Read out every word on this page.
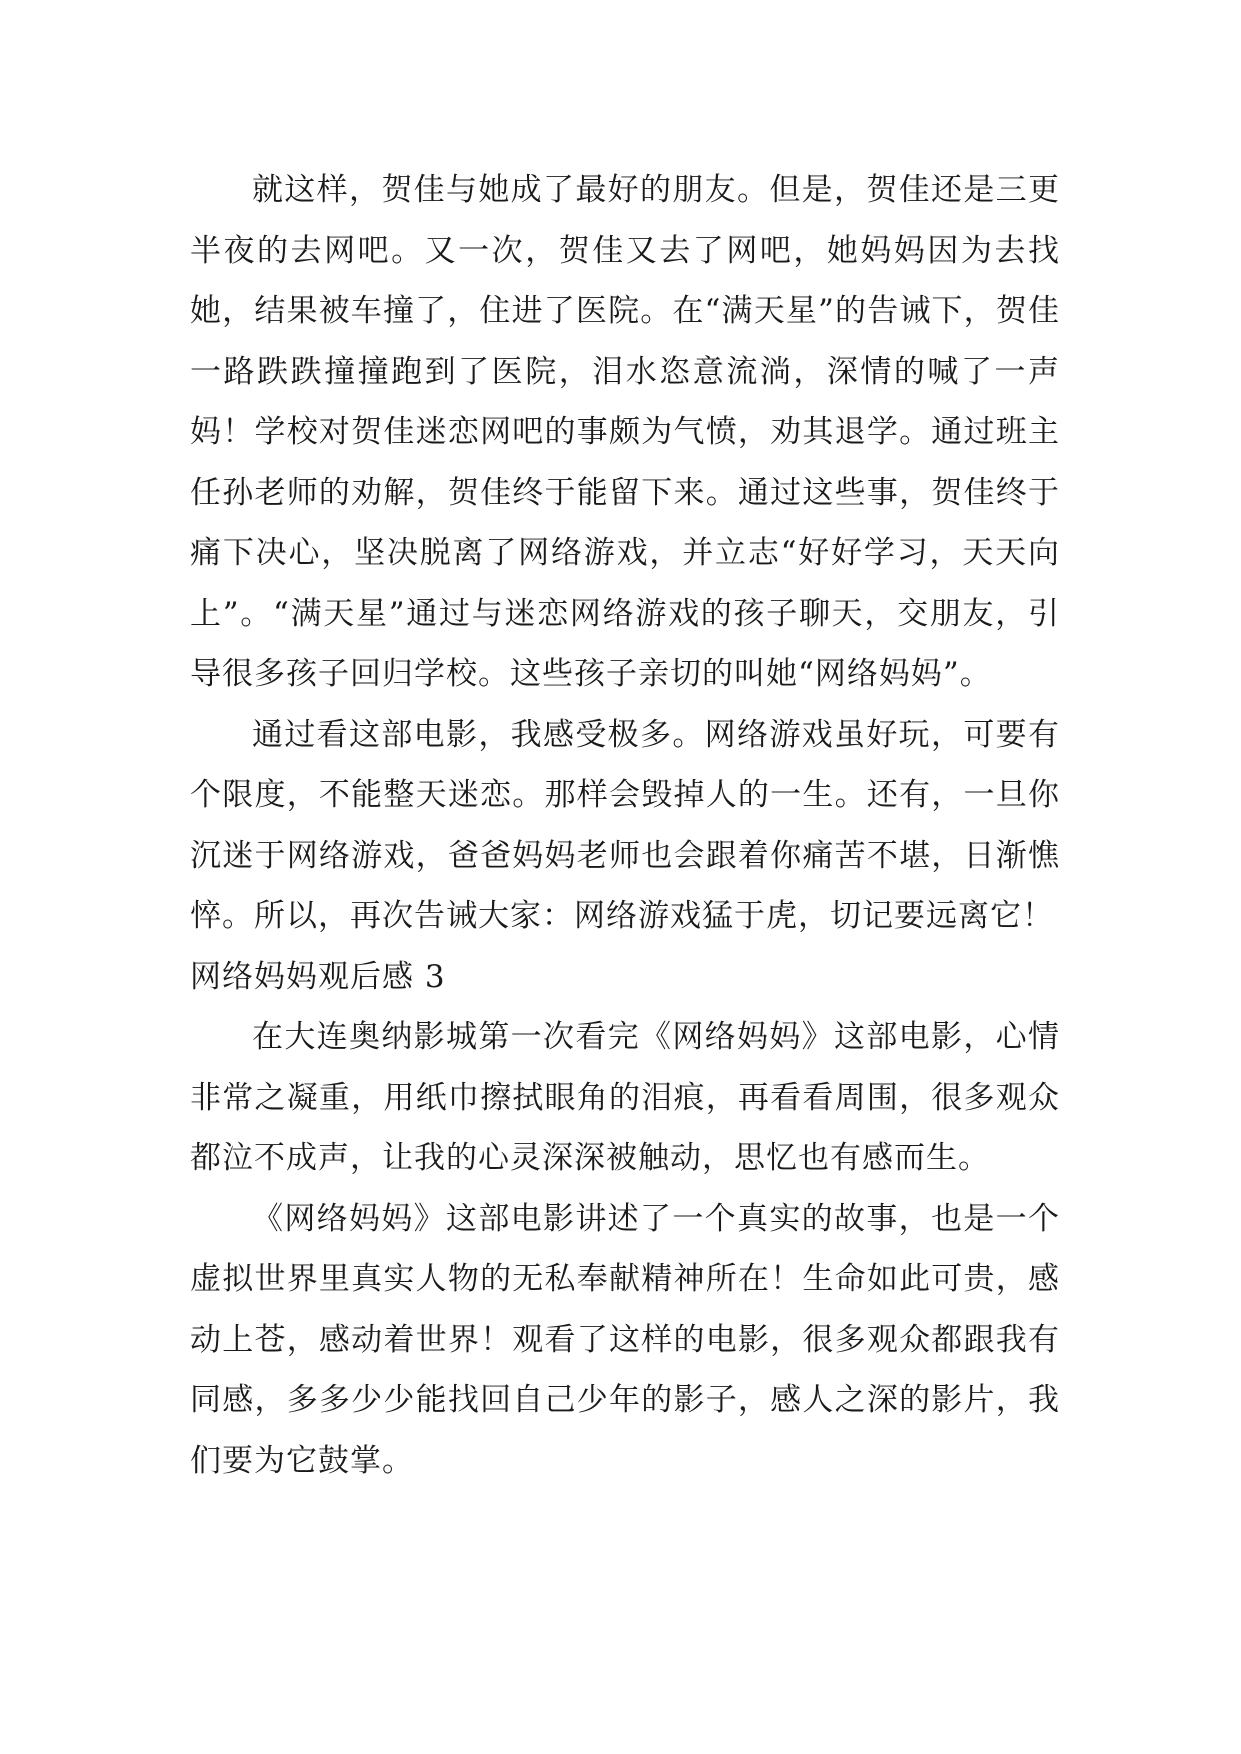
就这样，贺佳与她成了最好的朋友。但是，贺佳还是三更半夜的去网吧。又一次，贺佳又去了网吧，她妈妈因为去找她，结果被车撞了，住进了医院。在“满天星”的告诫下，贺佳一路跌跌撞撞跑到了医院，泪水恣意流淌，深情的喊了一声妈！学校对贺佳迷恋网吧的事颇为气愤，劝其退学。通过班主任孙老师的劝解，贺佳终于能留下来。通过这些事，贺佳终于痛下决心，坚决脱离了网络游戏，并立志“好好学习，天天向上”。“满天星”通过与迷恋网络游戏的孩子聊天，交朋友，引导很多孩子回归学校。这些孩子亲切的叫她“网络妈妈”。

通过看这部电影，我感受极多。网络游戏虽好玩，可要有个限度，不能整天迷恋。那样会毁掉人的一生。还有，一旦你沉迷于网络游戏，爸爸妈妈老师也会跟着你痛苦不堪，日渐憔悴。所以，再次告诫大家：网络游戏猛于虎，切记要远离它！

网络妈妈观后感 3

在大连奥纳影城第一次看完《网络妈妈》这部电影，心情非常之凝重，用纸巾擦拭眼角的泪痕，再看看周围，很多观众都泣不成声，让我的心灵深深被触动，思忆也有感而生。

《网络妈妈》这部电影讲述了一个真实的故事，也是一个虚拟世界里真实人物的无私奉献精神所在！生命如此可贵，感动上苍，感动着世界！观看了这样的电影，很多观众都跟我有同感，多多少少能找回自己少年的影子，感人之深的影片，我们要为它鼓掌。
